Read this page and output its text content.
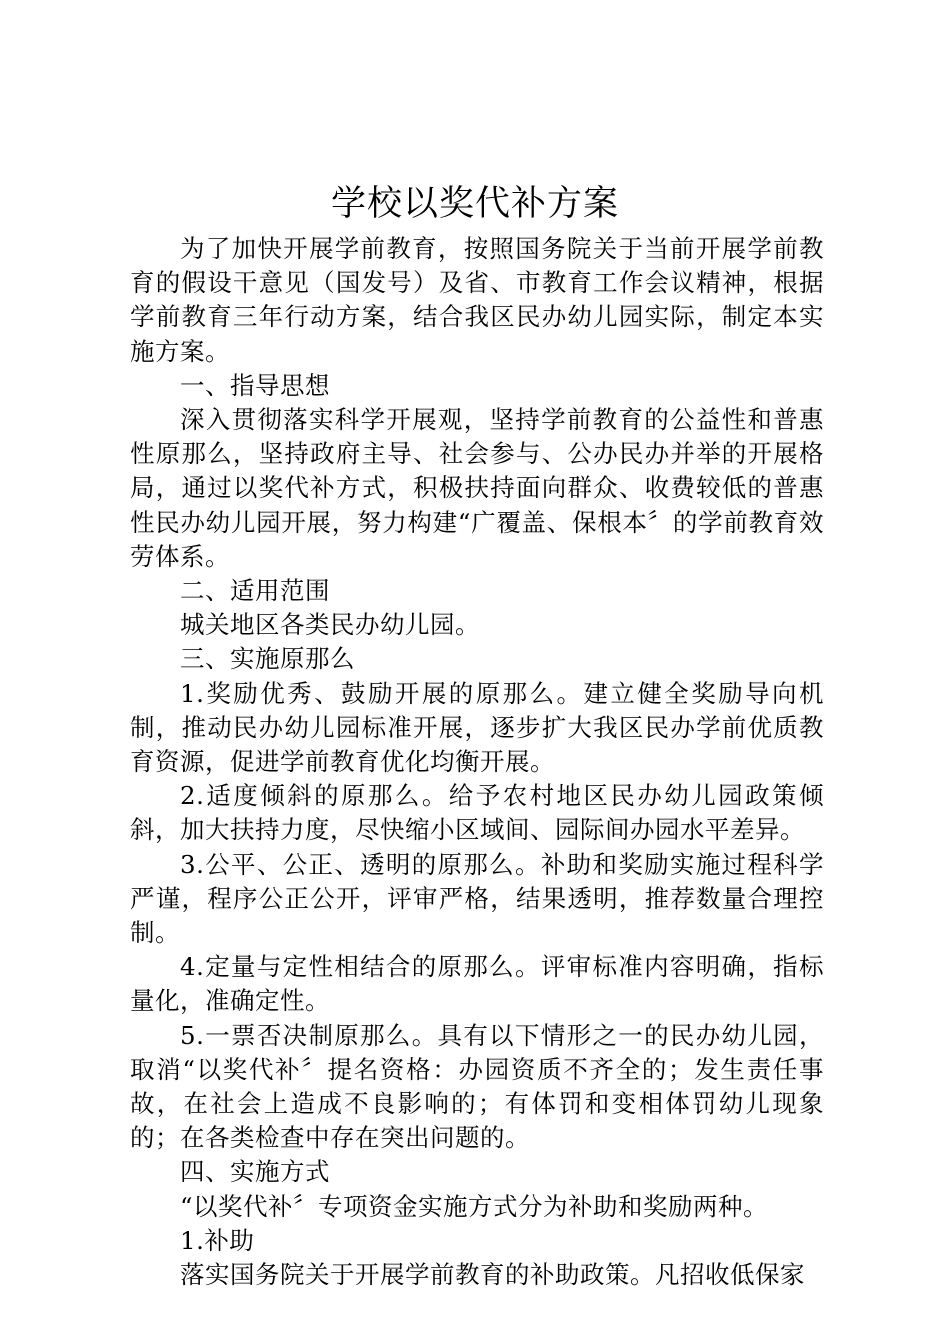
学校以奖代补方案

为了加快开展学前教育，按照国务院关于当前开展学前教育的假设干意见（国发号）及省、市教育工作会议精神，根据学前教育三年行动方案，结合我区民办幼儿园实际，制定本实施方案。

一、指导思想

深入贯彻落实科学开展观，坚持学前教育的公益性和普惠性原那么，坚持政府主导、社会参与、公办民办并举的开展格局，通过以奖代补方式，积极扶持面向群众、收费较低的普惠性民办幼儿园开展，努力构建“广覆盖、保根本〞的学前教育效劳体系。

二、适用范围

城关地区各类民办幼儿园。

三、实施原那么

1.奖励优秀、鼓励开展的原那么。建立健全奖励导向机制，推动民办幼儿园标准开展，逐步扩大我区民办学前优质教育资源，促进学前教育优化均衡开展。

2.适度倾斜的原那么。给予农村地区民办幼儿园政策倾斜，加大扶持力度，尽快缩小区域间、园际间办园水平差异。

3.公平、公正、透明的原那么。补助和奖励实施过程科学严谨，程序公正公开，评审严格，结果透明，推荐数量合理控制。

4.定量与定性相结合的原那么。评审标准内容明确，指标量化，准确定性。

5.一票否决制原那么。具有以下情形之一的民办幼儿园，取消“以奖代补〞提名资格：办园资质不齐全的；发生责任事故，在社会上造成不良影响的；有体罚和变相体罚幼儿现象的；在各类检查中存在突出问题的。

四、实施方式

“以奖代补〞专项资金实施方式分为补助和奖励两种。

1.补助

落实国务院关于开展学前教育的补助政策。凡招收低保家
